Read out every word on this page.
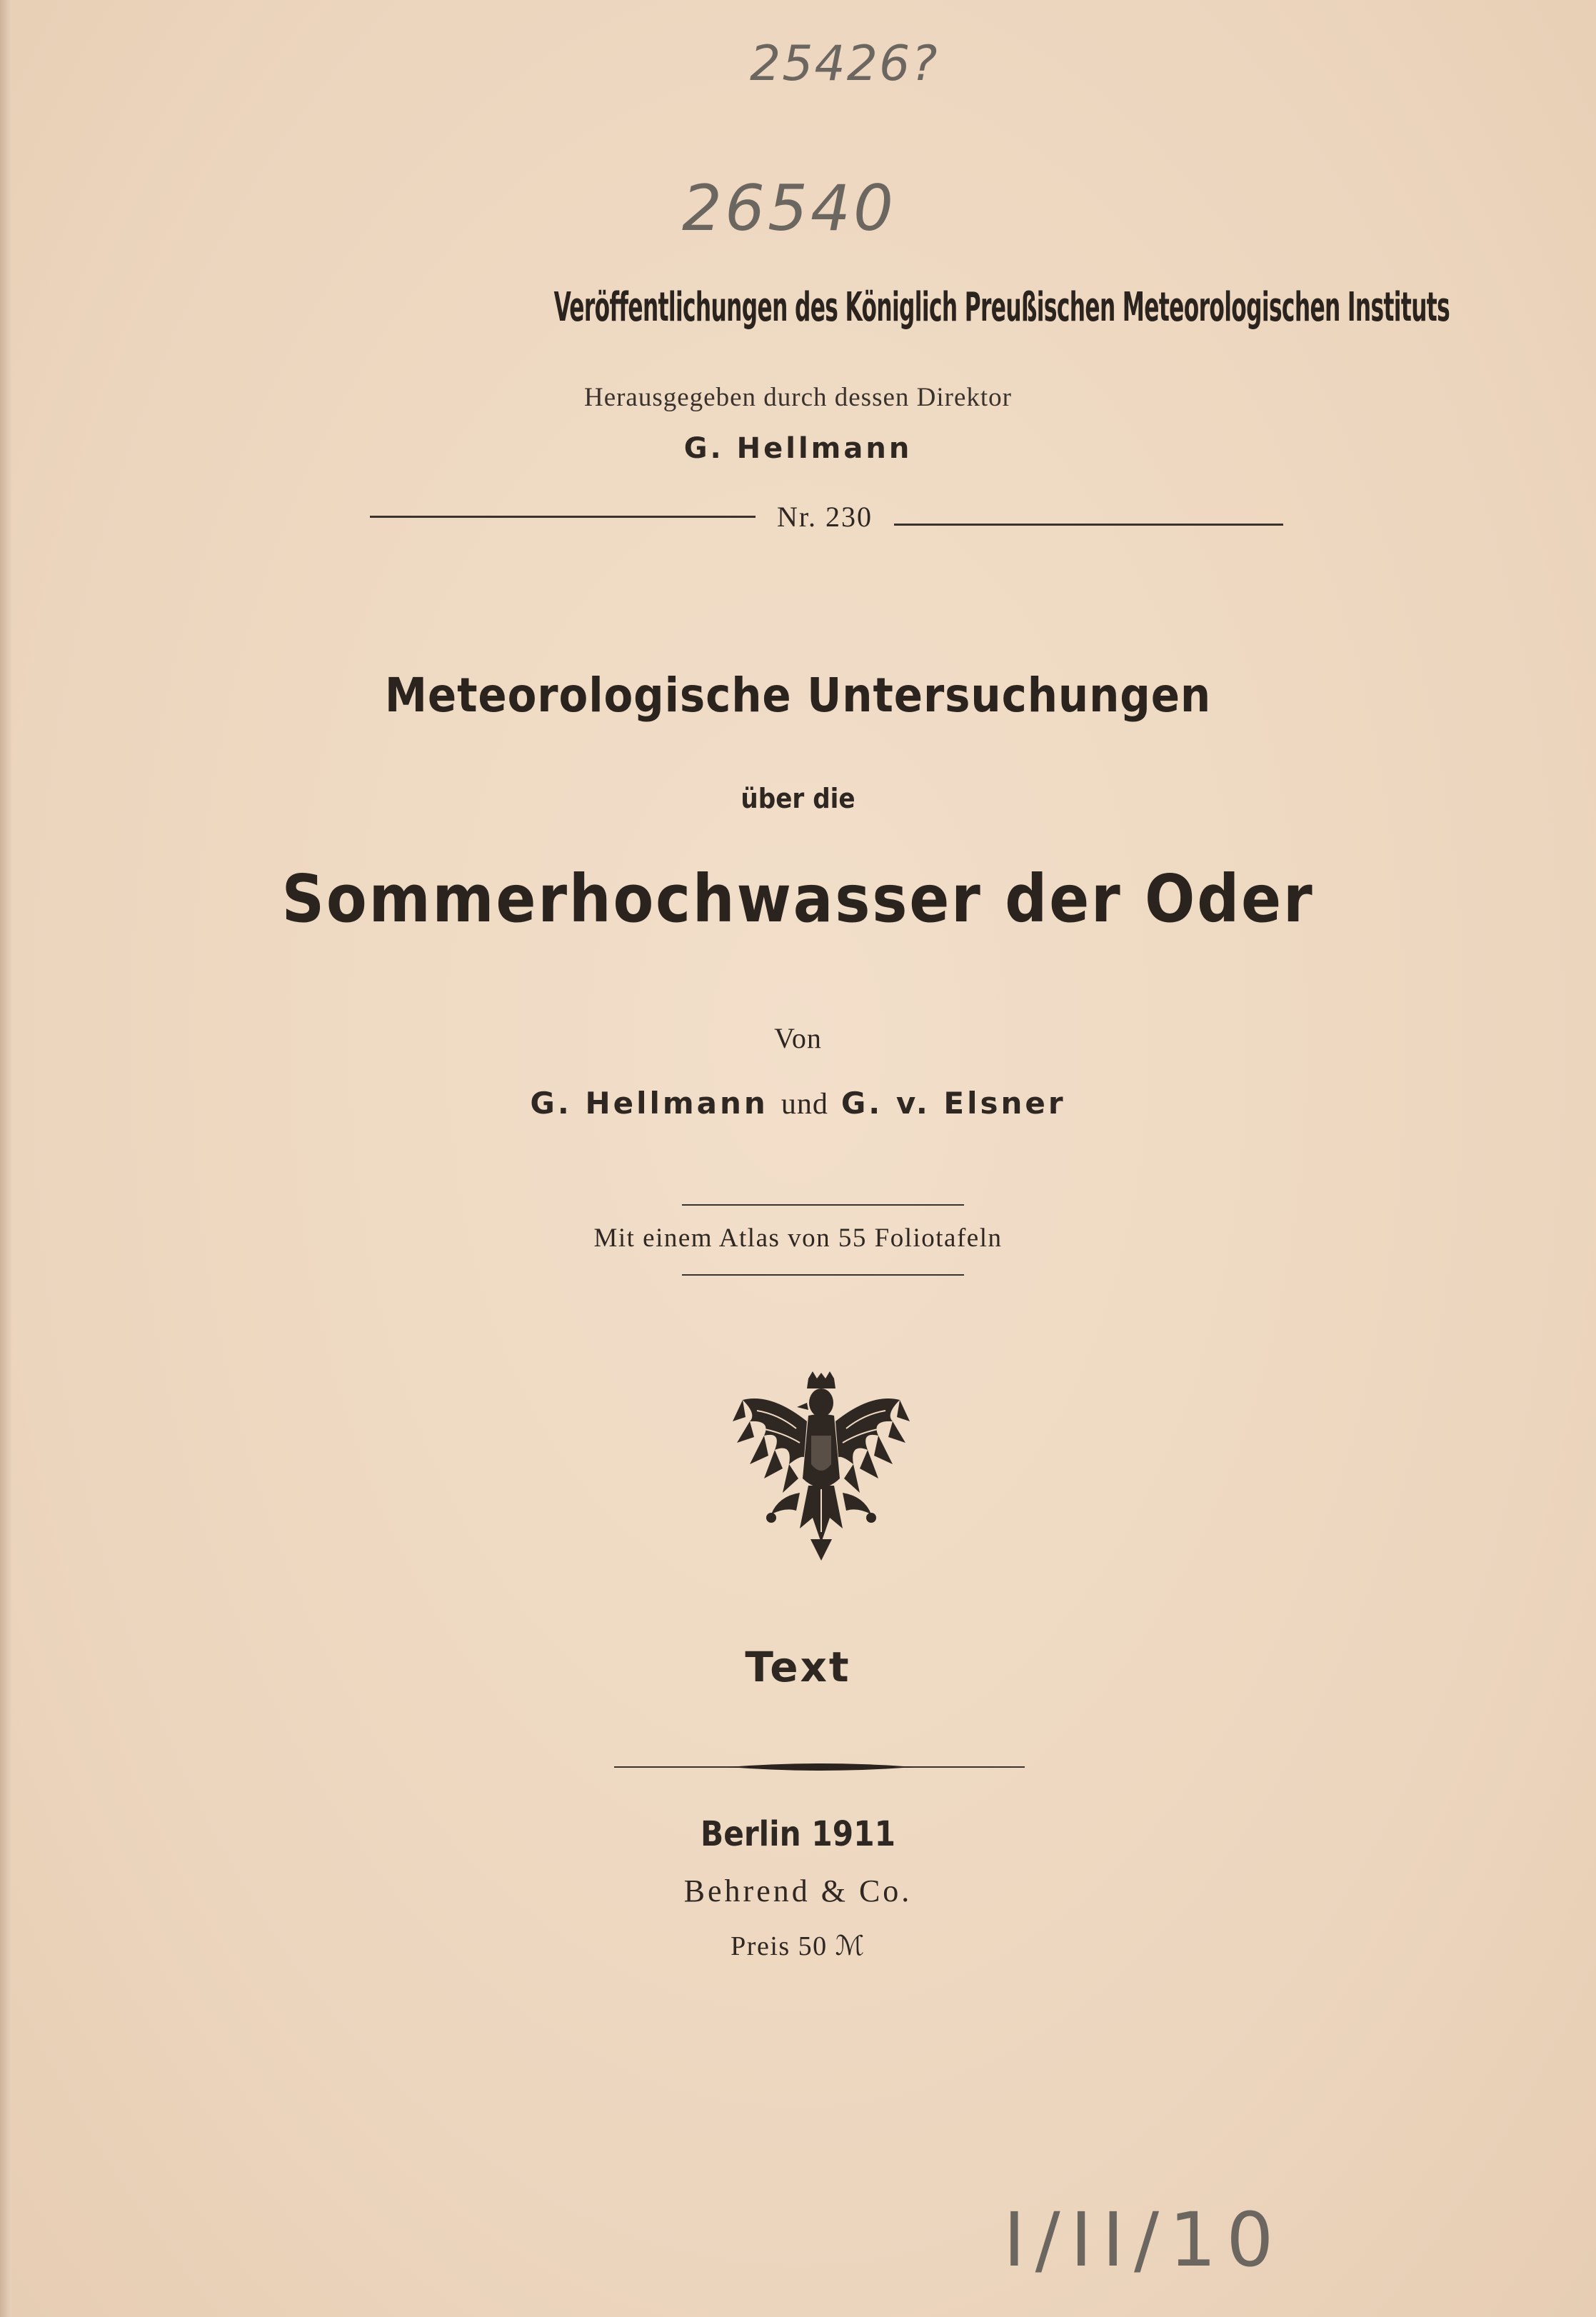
25426?
26540
Veröffentlichungen des Königlich Preußischen Meteorologischen Instituts
Herausgegeben durch dessen Direktor
G. Hellmann
Nr. 230
Meteorologische Untersuchungen
über die
Sommerhochwasser der Oder
Von
G. Hellmann und G. v. Elsner
Mit einem Atlas von 55 Foliotafeln
Text
Berlin 1911
Behrend & Co.
Preis 50 ℳ
I/II/10
